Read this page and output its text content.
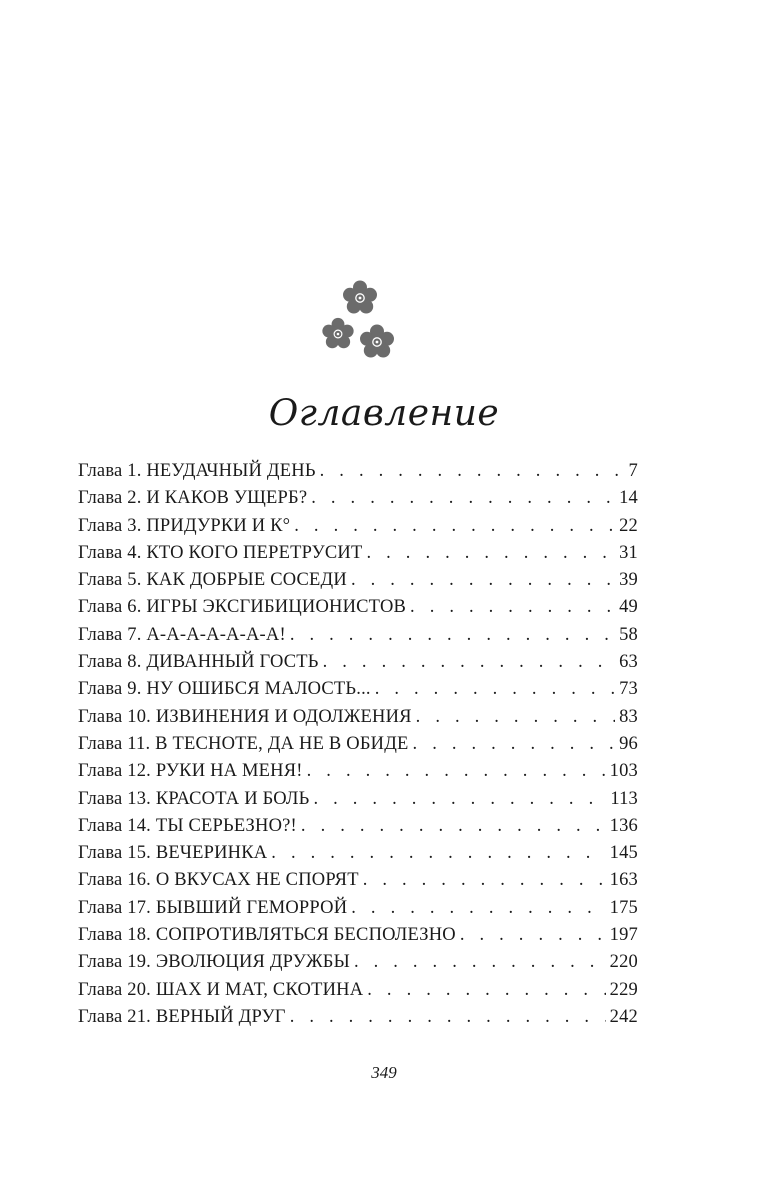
Оглавление
Глава 1. НЕУДАЧНЫЙ ДЕНЬ . . .	7
Глава 2. И КАКОВ УЩЕРБ? . . .	14
Глава 3. ПРИДУРКИ И К° . . .	22
Глава 4. КТО КОГО ПЕРЕТРУСИТ . . .	31
Глава 5. КАК ДОБРЫЕ СОСЕДИ . . .	39
Глава 6. ИГРЫ ЭКСГИБИЦИОНИСТОВ . . .	49
Глава 7. А-А-А-А-А-А-А! . . .	58
Глава 8. ДИВАННЫЙ ГОСТЬ . . .	63
Глава 9. НУ ОШИБСЯ МАЛОСТЬ... . . .	73
Глава 10. ИЗВИНЕНИЯ И ОДОЛЖЕНИЯ . . .	83
Глава 11. В ТЕСНОТЕ, ДА НЕ В ОБИДЕ . . .	96
Глава 12. РУКИ НА МЕНЯ! . . .	103
Глава 13. КРАСОТА И БОЛЬ . . .	113
Глава 14. ТЫ СЕРЬЕЗНО?! . . .	136
Глава 15. ВЕЧЕРИНКА . . .	145
Глава 16. О ВКУСАХ НЕ СПОРЯТ . . .	163
Глава 17. БЫВШИЙ ГЕМОРРОЙ . . .	175
Глава 18. СОПРОТИВЛЯТЬСЯ БЕСПОЛЕЗНО . . .	197
Глава 19. ЭВОЛЮЦИЯ ДРУЖБЫ . . .	220
Глава 20. ШАХ И МАТ, СКОТИНА . . .	229
Глава 21. ВЕРНЫЙ ДРУГ . . .	242
349
